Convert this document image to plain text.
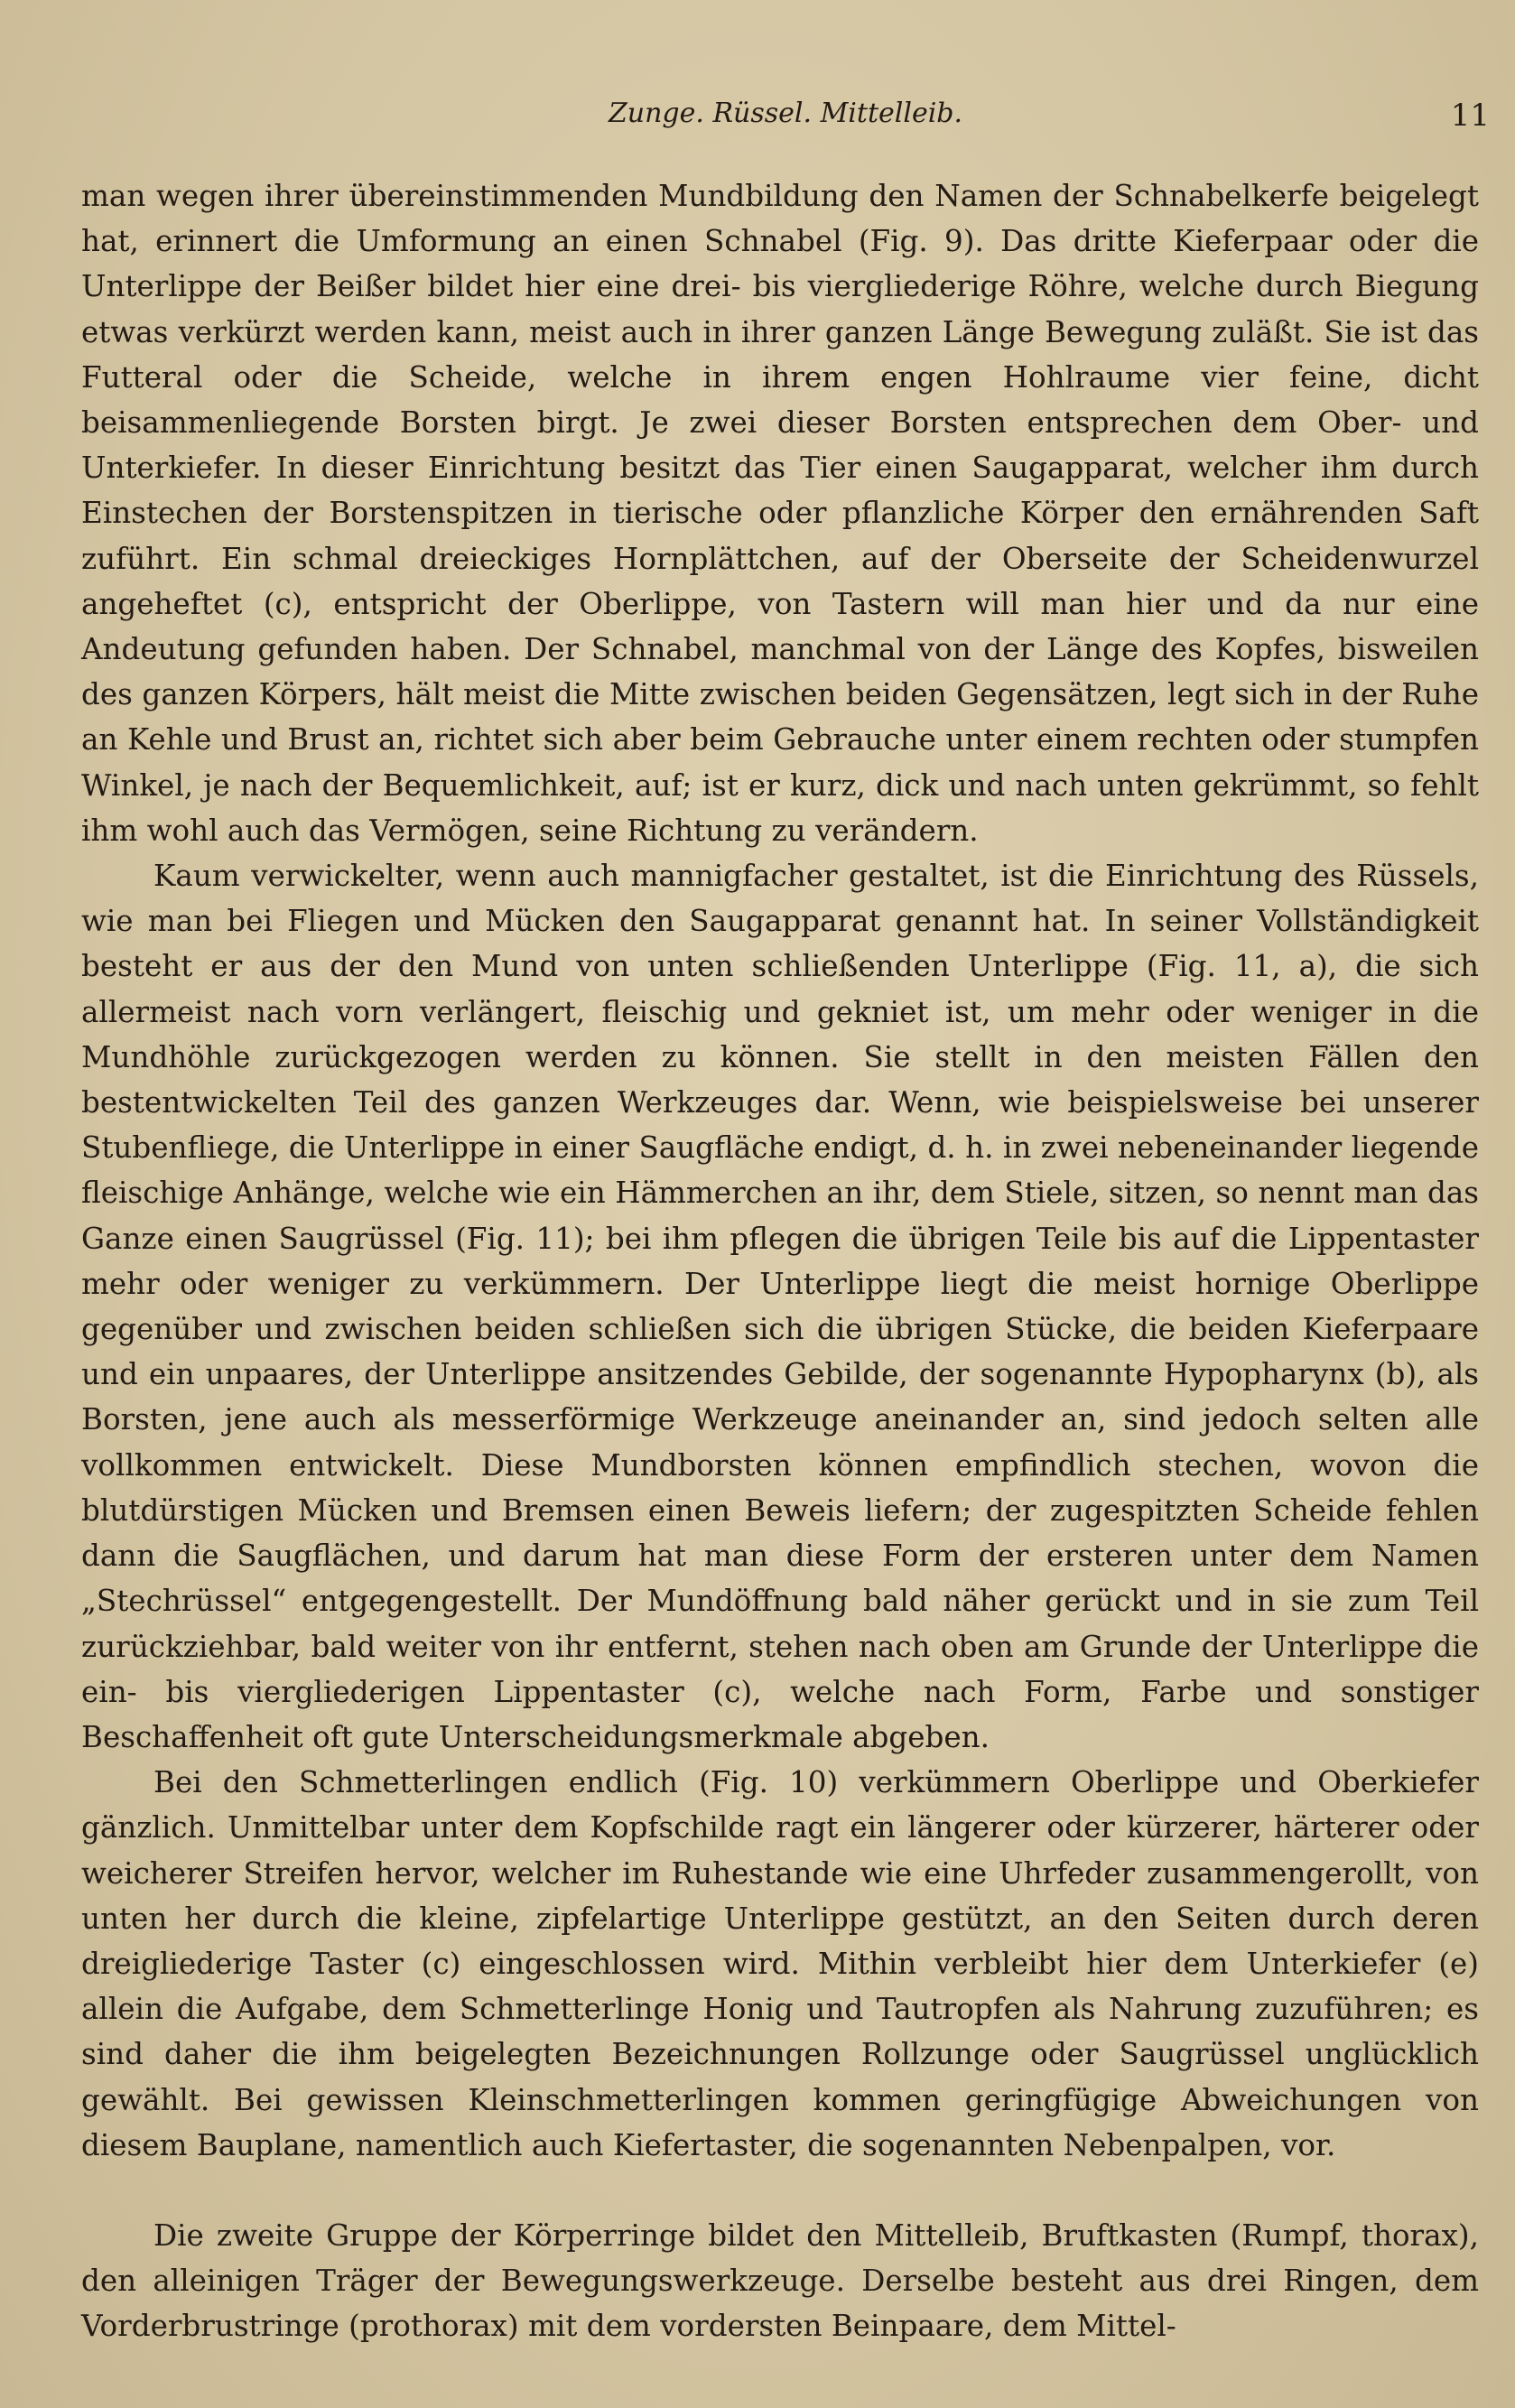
Zunge. Rüssel. Mittelleib.	11

man wegen ihrer übereinstimmenden Mundbildung den Namen der Schnabelkerfe beigelegt hat, erinnert die Umformung an einen Schnabel (Fig. 9). Das dritte Kieferpaar oder die Unterlippe der Beißer bildet hier eine drei- bis viergliederige Röhre, welche durch Biegung etwas verkürzt werden kann, meist auch in ihrer ganzen Länge Bewegung zuläßt. Sie ist das Futteral oder die Scheide, welche in ihrem engen Hohlraume vier feine, dicht beisammenliegende Borsten birgt. Je zwei dieser Borsten entsprechen dem Ober- und Unterkiefer. In dieser Einrichtung besitzt das Tier einen Saugapparat, welcher ihm durch Einstechen der Borstenspitzen in tierische oder pflanzliche Körper den ernährenden Saft zuführt. Ein schmal dreieckiges Hornplättchen, auf der Oberseite der Scheidenwurzel angeheftet (c), entspricht der Oberlippe, von Tastern will man hier und da nur eine Andeutung gefunden haben. Der Schnabel, manchmal von der Länge des Kopfes, bisweilen des ganzen Körpers, hält meist die Mitte zwischen beiden Gegensätzen, legt sich in der Ruhe an Kehle und Brust an, richtet sich aber beim Gebrauche unter einem rechten oder stumpfen Winkel, je nach der Bequemlichkeit, auf; ist er kurz, dick und nach unten gekrümmt, so fehlt ihm wohl auch das Vermögen, seine Richtung zu verändern.

Kaum verwickelter, wenn auch mannigfacher gestaltet, ist die Einrichtung des Rüssels, wie man bei Fliegen und Mücken den Saugapparat genannt hat. In seiner Vollständigkeit besteht er aus der den Mund von unten schließenden Unterlippe (Fig. 11, a), die sich allermeist nach vorn verlängert, fleischig und gekniet ist, um mehr oder weniger in die Mundhöhle zurückgezogen werden zu können. Sie stellt in den meisten Fällen den bestentwickelten Teil des ganzen Werkzeuges dar. Wenn, wie beispielsweise bei unserer Stubenfliege, die Unterlippe in einer Saugfläche endigt, d. h. in zwei nebeneinander liegende fleischige Anhänge, welche wie ein Hämmerchen an ihr, dem Stiele, sitzen, so nennt man das Ganze einen Saugrüssel (Fig. 11); bei ihm pflegen die übrigen Teile bis auf die Lippentaster mehr oder weniger zu verkümmern. Der Unterlippe liegt die meist hornige Oberlippe gegenüber und zwischen beiden schließen sich die übrigen Stücke, die beiden Kieferpaare und ein unpaares, der Unterlippe ansitzendes Gebilde, der sogenannte Hypopharynx (b), als Borsten, jene auch als messerförmige Werkzeuge aneinander an, sind jedoch selten alle vollkommen entwickelt. Diese Mundborsten können empfindlich stechen, wovon die blutdürstigen Mücken und Bremsen einen Beweis liefern; der zugespitzten Scheide fehlen dann die Saugflächen, und darum hat man diese Form der ersteren unter dem Namen „Stechrüssel“ entgegengestellt. Der Mundöffnung bald näher gerückt und in sie zum Teil zurückziehbar, bald weiter von ihr entfernt, stehen nach oben am Grunde der Unterlippe die ein- bis viergliederigen Lippentaster (c), welche nach Form, Farbe und sonstiger Beschaffenheit oft gute Unterscheidungsmerkmale abgeben.

Bei den Schmetterlingen endlich (Fig. 10) verkümmern Oberlippe und Oberkiefer gänzlich. Unmittelbar unter dem Kopfschilde ragt ein längerer oder kürzerer, härterer oder weicherer Streifen hervor, welcher im Ruhestande wie eine Uhrfeder zusammengerollt, von unten her durch die kleine, zipfelartige Unterlippe gestützt, an den Seiten durch deren dreigliederige Taster (c) eingeschlossen wird. Mithin verbleibt hier dem Unterkiefer (e) allein die Aufgabe, dem Schmetterlinge Honig und Tautropfen als Nahrung zuzuführen; es sind daher die ihm beigelegten Bezeichnungen Rollzunge oder Saugrüssel unglücklich gewählt. Bei gewissen Kleinschmetterlingen kommen geringfügige Abweichungen von diesem Bauplane, namentlich auch Kiefertaster, die sogenannten Nebenpalpen, vor.

Die zweite Gruppe der Körperringe bildet den Mittelleib, Bruftkasten (Rumpf, thorax), den alleinigen Träger der Bewegungswerkzeuge. Derselbe besteht aus drei Ringen, dem Vorderbrustringe (prothorax) mit dem vordersten Beinpaare, dem Mittel-
